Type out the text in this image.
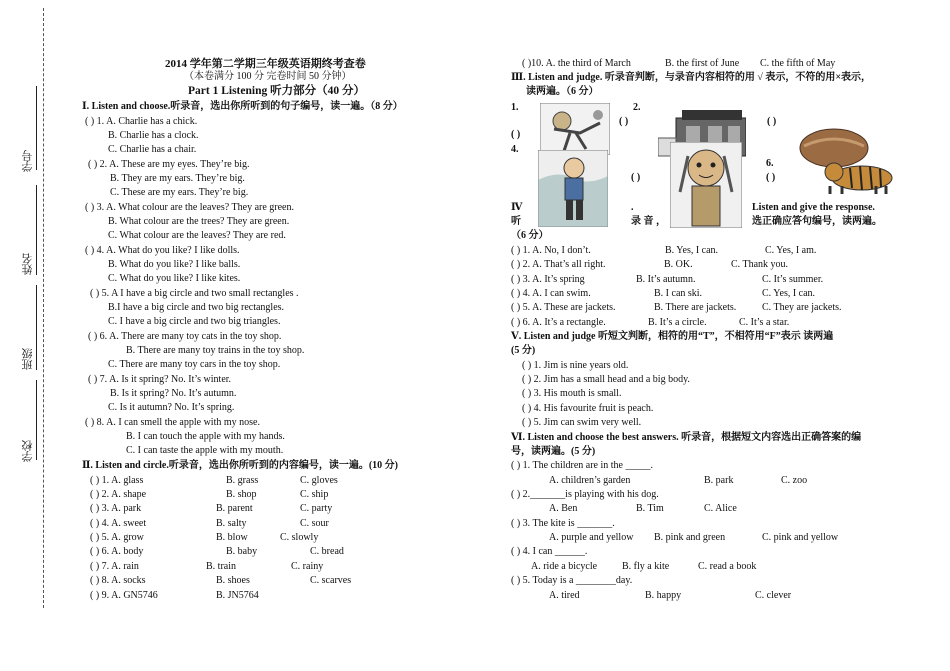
学号
姓名
班级
学校
2014 学年第二学期三年级英语期终考查卷
（本卷满分 100 分 完卷时间 50 分钟）
Part 1 Listening 听力部分（40 分）
Ⅰ. Listen and choose.听录音，选出你所听到的句子编号，读一遍。（8 分）
( ) 1. A. Charlie has a chick.
B. Charlie has a clock.
C. Charlie has a chair.
( ) 2. A. These are my eyes. They’re big.
B. They are my ears. They’re big.
C. These are my ears. They’re big.
( ) 3. A. What colour are the leaves? They are green.
B. What colour are the trees? They are green.
C. What colour are the leaves? They are red.
( ) 4. A. What do you like? I like dolls.
B. What do you like? I like balls.
C. What do you like? I like kites.
( ) 5. A I have a big circle and two small rectangles .
B.I have a big circle and two big rectangles.
C. I have a big circle and two big triangles.
( ) 6. A. There are many toy cats in the toy shop.
B. There are many toy trains in the toy shop.
C. There are many toy cars in the toy shop.
( ) 7. A. Is it spring? No. It’s winter.
B. Is it spring? No. It’s autumn.
C. Is it autumn? No. It’s spring.
( ) 8. A. I can smell the apple with my nose.
B. I can touch the apple with my hands.
C. I can taste the apple with my mouth.
Ⅱ. Listen and circle.听录音，选出你所听到的内容编号，读一遍。(10 分)
( ) 1. A. glass	B. grass	C. gloves
( ) 2. A. shape	B. shop	C. ship
( ) 3. A. park	B. parent	C. party
( ) 4. A. sweet	B. salty	C. sour
( ) 5. A. grow	B. blow	C. slowly
( ) 6. A. body	B. baby	C. bread
( ) 7. A. rain	B. train	C. rainy
( ) 8. A. socks	B. shoes	C. scarves
( ) 9. A. GN5746	B. JN5764
( )10. A. the third of March	B. the first of June C. the fifth of May
Ⅲ. Listen and judge. 听录音判断，与录音内容相符的用 √ 表示，不符的用×表示，
读两遍。（6 分）
1.	2.
4.
6.
( )	( )
( )
( )	( )
Ⅳ
听
.
录 音 ，
Listen and give the response.
选正确应答句编号，读两遍。
（6 分）
( ) 1. A. No, I don’t.	B. Yes, I can.	C. Yes, I am.
( ) 2. A. That’s all right.	B. OK.	C. Thank you.
( ) 3. A. It’s spring	B. It’s autumn.	C. It’s summer.
( ) 4. A. I can swim.	B. I can ski.	C. Yes, I can.
( ) 5. A. These are jackets.	B. There are jackets.	C. They are jackets.
( ) 6. A. It’s a rectangle.	B. It’s a circle.	C. It’s a star.
Ⅴ. Listen and judge 听短文判断，相符的用“T”，不相符用“F”表示 读两遍
(5 分)
( ) 1. Jim is nine years old.
( ) 2. Jim has a small head and a big body.
( ) 3. His mouth is small.
( ) 4. His favourite fruit is peach.
( ) 5. Jim can swim very well.
Ⅵ. Listen and choose the best answers. 听录音，根据短文内容选出正确答案的编
号，读两遍。(5 分)
( ) 1. The children are in the _____.
A. children’s garden	B. park	C. zoo
( ) 2._______is playing with his dog.
A. Ben	B. Tim	C. Alice
( ) 3. The kite is _______.
A. purple and yellow B. pink and green	C. pink and yellow
( ) 4. I can ______.
A. ride a bicycle B. fly a kite	C. read a book
( ) 5. Today is a ________day.
A. tired	B. happy	C. clever
